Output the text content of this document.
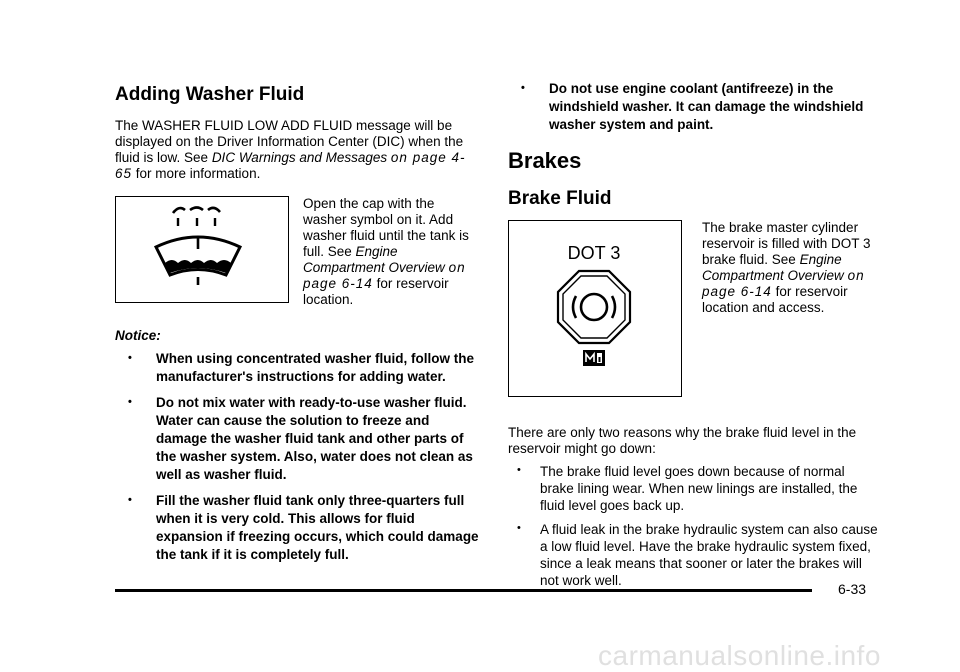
Adding Washer Fluid

The WASHER FLUID LOW ADD FLUID message will be displayed on the Driver Information Center (DIC) when the fluid is low. See DIC Warnings and Messages on page 4-65 for more information.

Open the cap with the washer symbol on it. Add washer fluid until the tank is full. See Engine Compartment Overview on page 6-14 for reservoir location.

Notice:

• When using concentrated washer fluid, follow the manufacturer's instructions for adding water.
• Do not mix water with ready-to-use washer fluid. Water can cause the solution to freeze and damage the washer fluid tank and other parts of the washer system. Also, water does not clean as well as washer fluid.
• Fill the washer fluid tank only three-quarters full when it is very cold. This allows for fluid expansion if freezing occurs, which could damage the tank if it is completely full.
• Do not use engine coolant (antifreeze) in the windshield washer. It can damage the windshield washer system and paint.
Brakes
Brake Fluid
DOT 3

The brake master cylinder reservoir is filled with DOT 3 brake fluid. See Engine Compartment Overview on page 6-14 for reservoir location and access.

There are only two reasons why the brake fluid level in the reservoir might go down:

• The brake fluid level goes down because of normal brake lining wear. When new linings are installed, the fluid level goes back up.
• A fluid leak in the brake hydraulic system can also cause a low fluid level. Have the brake hydraulic system fixed, since a leak means that sooner or later the brakes will not work well.
6-33
carmanualsonline.info
